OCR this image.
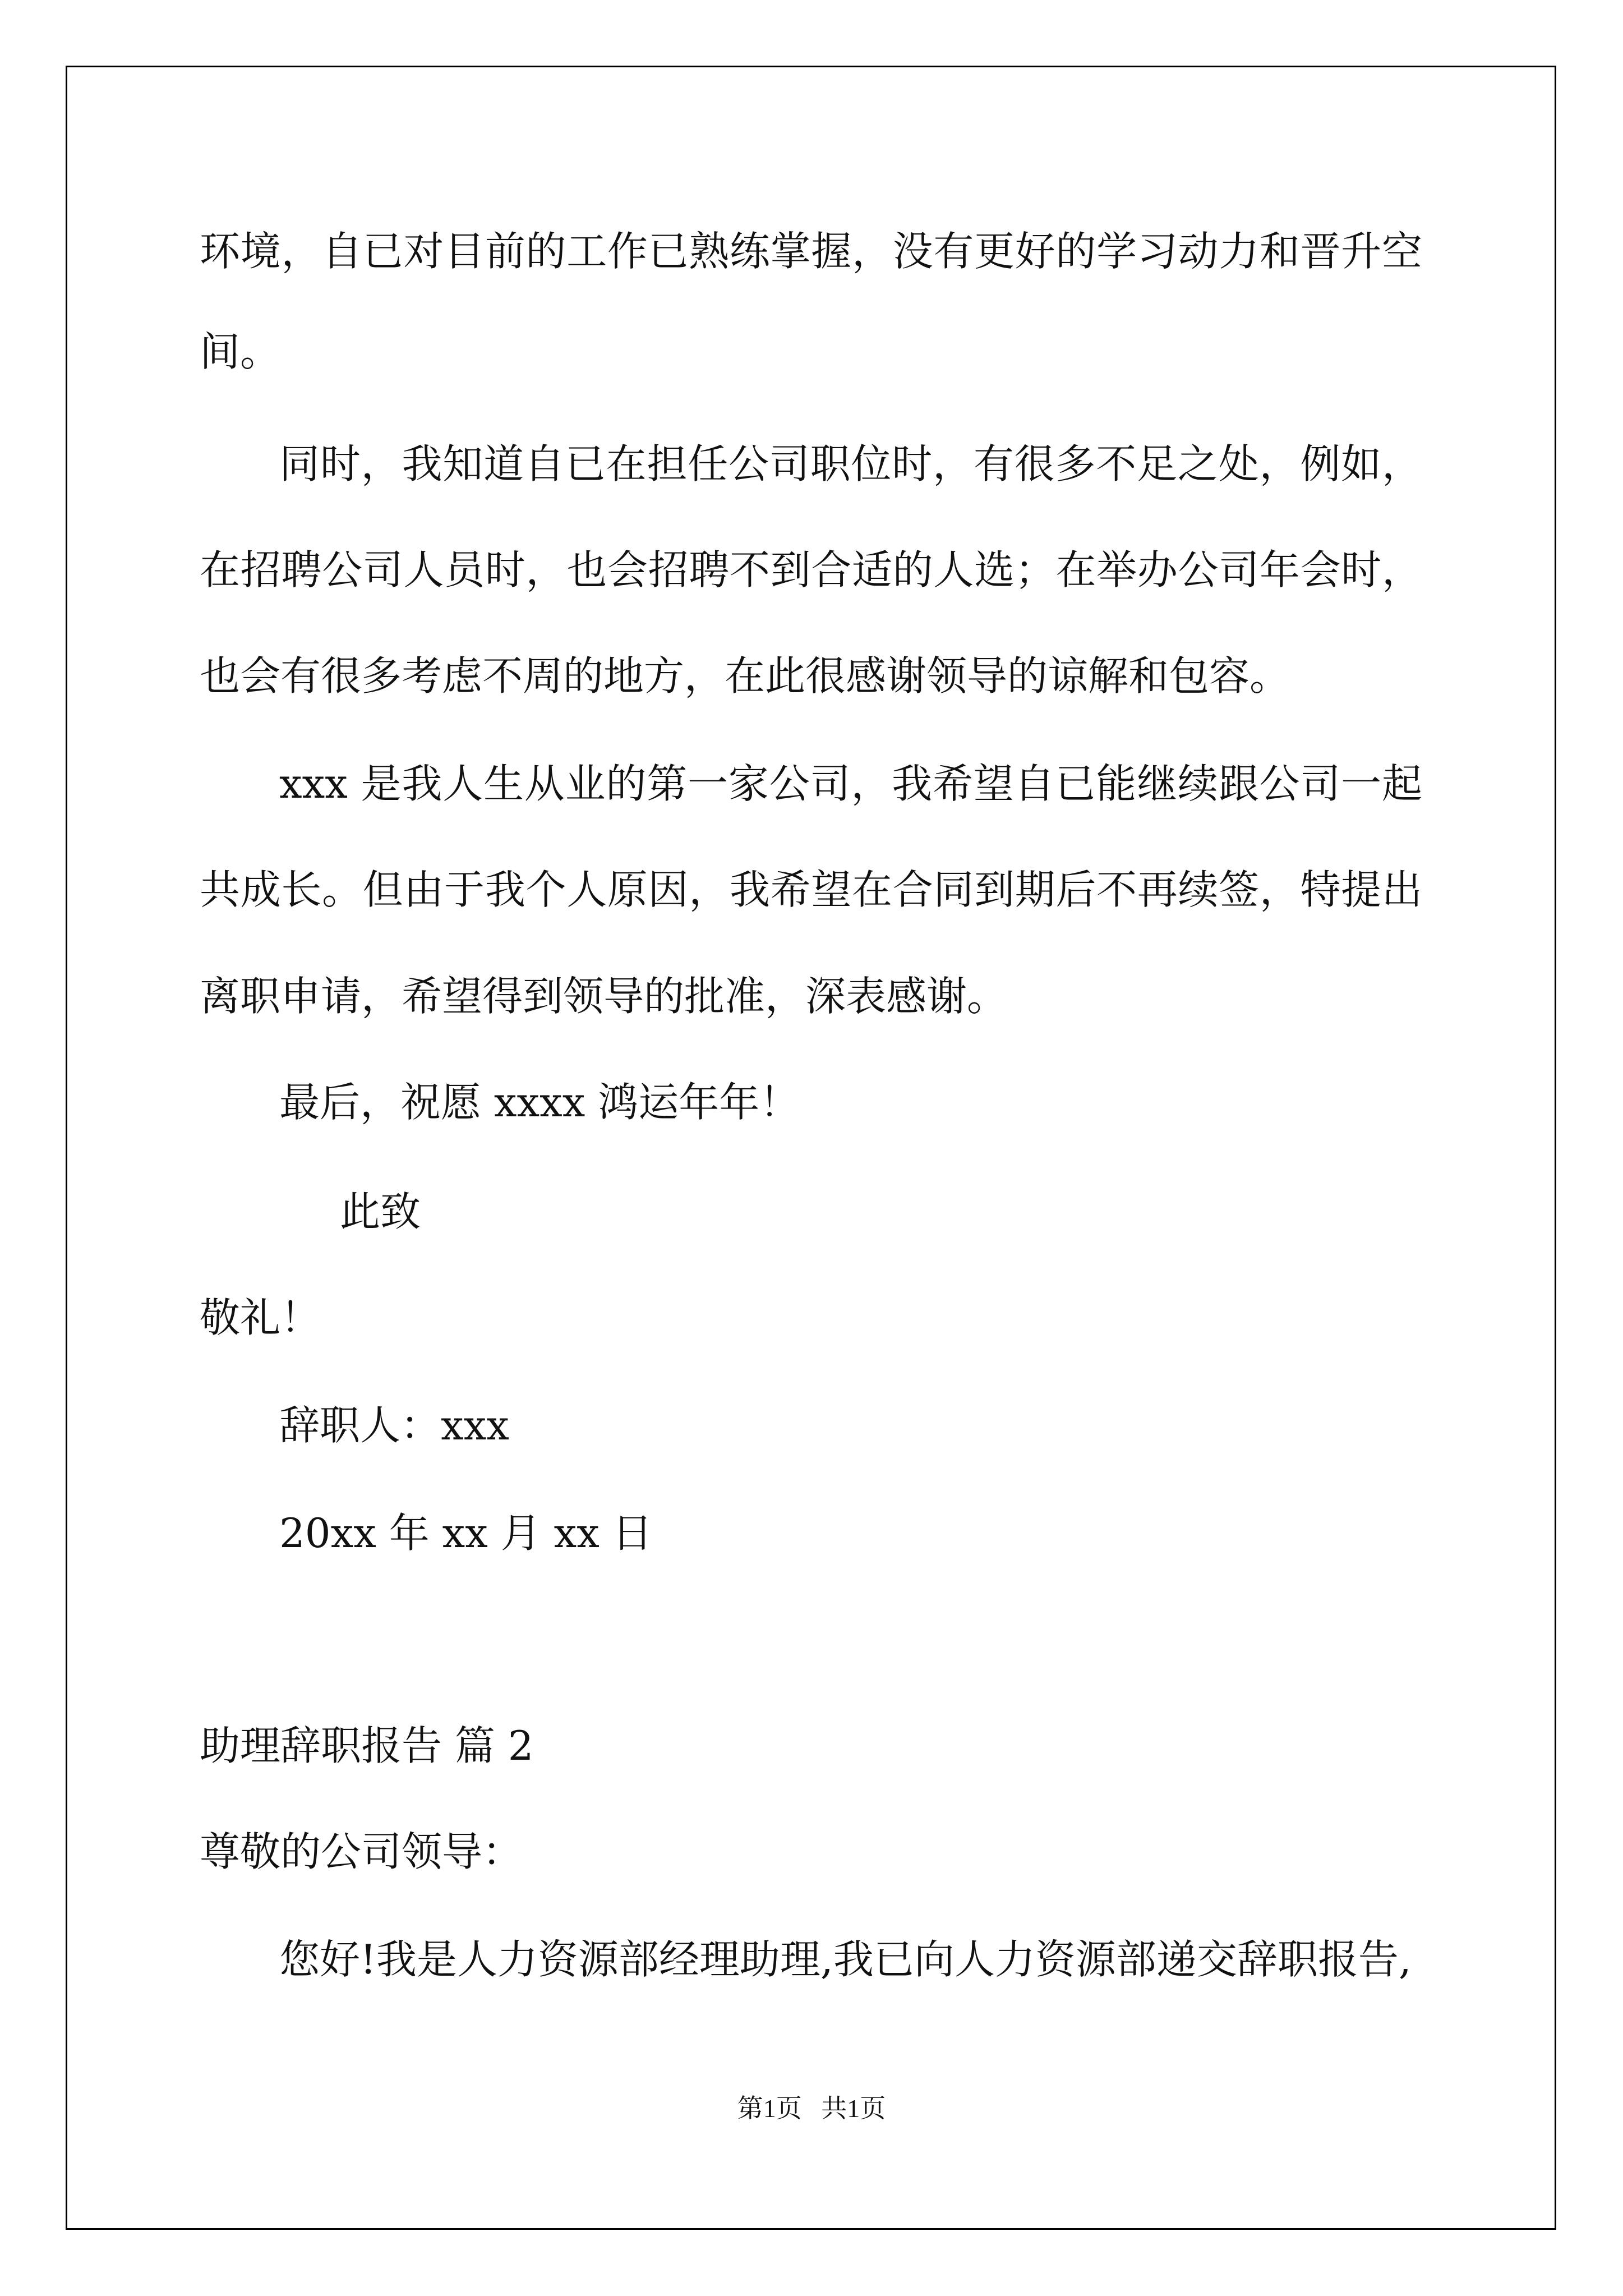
环境，自已对目前的工作已熟练掌握，没有更好的学习动力和晋升空
间。
同时，我知道自已在担任公司职位时，有很多不足之处，例如，
在招聘公司人员时，也会招聘不到合适的人选；在举办公司年会时，
也会有很多考虑不周的地方，在此很感谢领导的谅解和包容。
xxx 是我人生从业的第一家公司，我希望自已能继续跟公司一起
共成长。但由于我个人原因，我希望在合同到期后不再续签，特提出
离职申请，希望得到领导的批准，深表感谢。
最后，祝愿 xxxx 鸿运年年！
此致
敬礼！
辞职人：xxx
20xx 年 xx 月 xx 日
助理辞职报告 篇 2
尊敬的公司领导：
您好!我是人力资源部经理助理,我已向人力资源部递交辞职报告,
第1页   共1页
